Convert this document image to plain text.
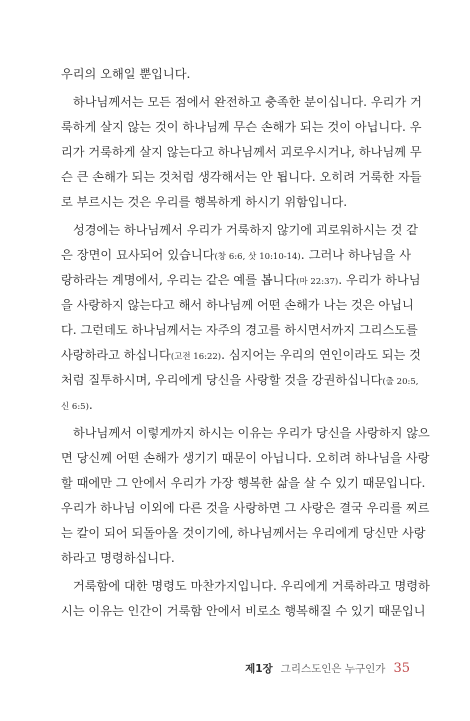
우리의 오해일 뿐입니다.
하나님께서는 모든 점에서 완전하고 충족한 분이십니다. 우리가 거
룩하게 살지 않는 것이 하나님께 무슨 손해가 되는 것이 아닙니다. 우
리가 거룩하게 살지 않는다고 하나님께서 괴로우시거나, 하나님께 무
슨 큰 손해가 되는 것처럼 생각해서는 안 됩니다. 오히려 거룩한 자들
로 부르시는 것은 우리를 행복하게 하시기 위함입니다.
성경에는 하나님께서 우리가 거룩하지 않기에 괴로워하시는 것 같
은 장면이 묘사되어 있습니다(창 6:6, 삿 10:10-14). 그러나 하나님을 사
랑하라는 계명에서, 우리는 같은 예를 봅니다(마 22:37). 우리가 하나님
을 사랑하지 않는다고 해서 하나님께 어떤 손해가 나는 것은 아닙니
다. 그런데도 하나님께서는 자주의 경고를 하시면서까지 그리스도를
사랑하라고 하십니다(고전 16:22). 심지어는 우리의 연인이라도 되는 것
처럼 질투하시며, 우리에게 당신을 사랑할 것을 강권하십니다(출 20:5,
신 6:5).
하나님께서 이렇게까지 하시는 이유는 우리가 당신을 사랑하지 않으
면 당신께 어떤 손해가 생기기 때문이 아닙니다. 오히려 하나님을 사랑
할 때에만 그 안에서 우리가 가장 행복한 삶을 살 수 있기 때문입니다.
우리가 하나님 이외에 다른 것을 사랑하면 그 사랑은 결국 우리를 찌르
는 칼이 되어 되돌아올 것이기에, 하나님께서는 우리에게 당신만 사랑
하라고 명령하십니다.
거룩함에 대한 명령도 마찬가지입니다. 우리에게 거룩하라고 명령하
시는 이유는 인간이 거룩함 안에서 비로소 행복해질 수 있기 때문입니
제1장 그리스도인은 누구인가 35
